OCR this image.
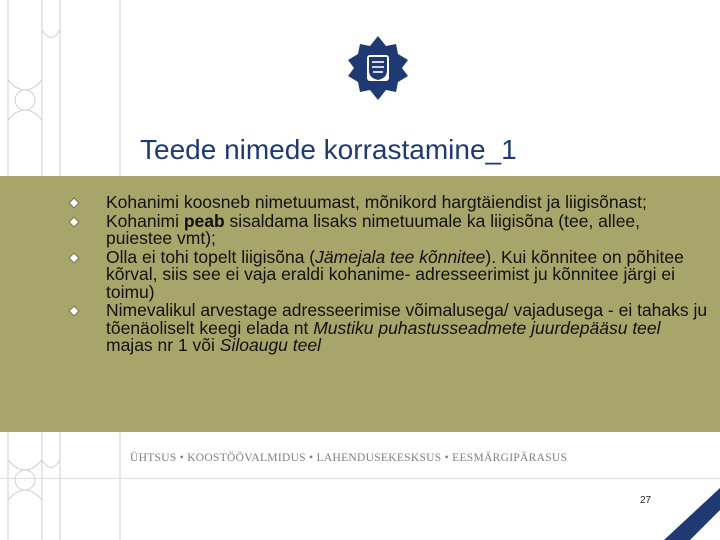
Teede nimede korrastamine_1
Kohanimi koosneb nimetuumast, mõnikord hargtäiendist ja liigisõnast;
Kohanimi peab sisaldama lisaks nimetuumale ka liigisõna (tee, allee, puiestee vmt);
Olla ei tohi topelt liigisõna (Jämejala tee kõnnitee). Kui kõnnitee on põhitee kõrval, siis see ei vaja eraldi kohanime- adresseerimist ju kõnnitee järgi ei toimu)
Nimevalikul arvestage adresseerimise võimalusega/ vajadusega - ei tahaks ju tõenäoliselt keegi elada nt Mustiku puhastusseadmete juurdepääsu teel majas nr 1 või Siloaugu teel
ÜHTSUS • KOOSTÖÖVALMIDUS • LAHENDUSEKESKSUS • EESMÄRGIPÄRASUS
27
